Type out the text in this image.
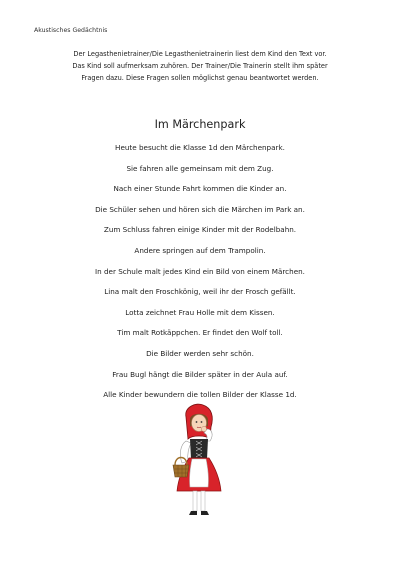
Akustisches Gedächtnis
Der Legasthenietrainer/Die Legasthenietrainerin liest dem Kind den Text vor.
Das Kind soll aufmerksam zuhören. Der Trainer/Die Trainerin stellt ihm später
Fragen dazu. Diese Fragen sollen möglichst genau beantwortet werden.
Im Märchenpark
Heute besucht die Klasse 1d den Märchenpark.
Sie fahren alle gemeinsam mit dem Zug.
Nach einer Stunde Fahrt kommen die Kinder an.
Die Schüler sehen und hören sich die Märchen im Park an.
Zum Schluss fahren einige Kinder mit der Rodelbahn.
Andere springen auf dem Trampolin.
In der Schule malt jedes Kind ein Bild von einem Märchen.
Lina malt den Froschkönig, weil ihr der Frosch gefällt.
Lotta zeichnet Frau Holle mit dem Kissen.
Tim malt Rotkäppchen. Er findet den Wolf toll.
Die Bilder werden sehr schön.
Frau Bugl hängt die Bilder später in der Aula auf.
Alle Kinder bewundern die tollen Bilder der Klasse 1d.
